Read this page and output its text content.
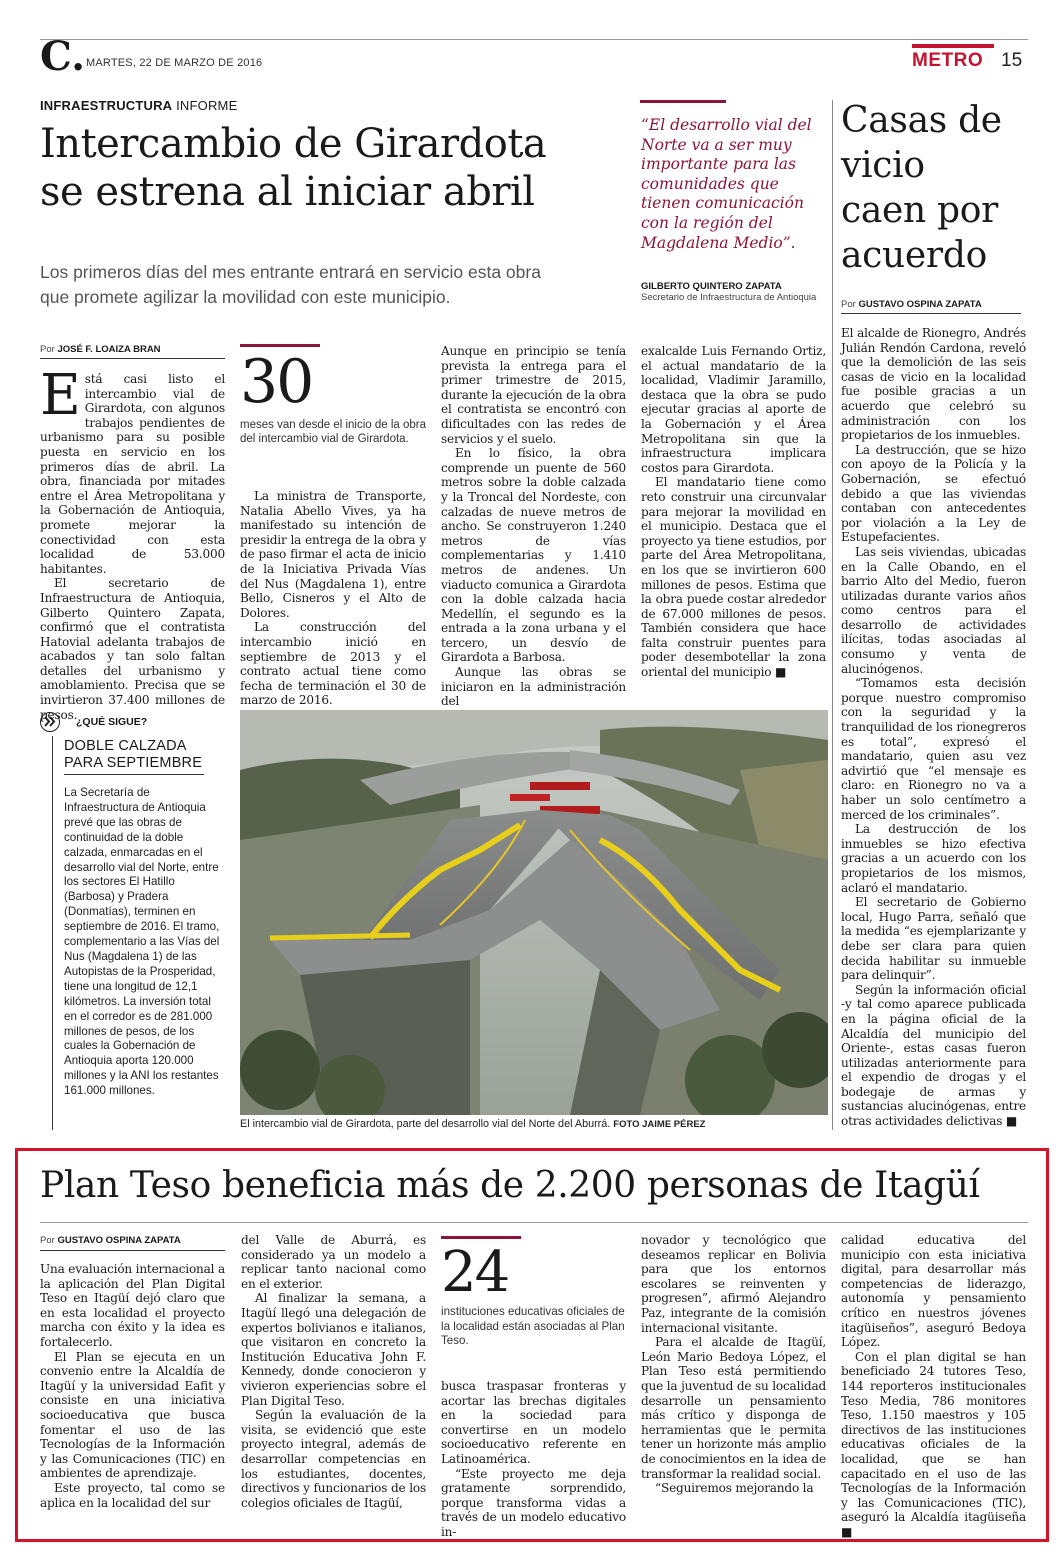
C. MARTES, 22 DE MARZO DE 2016	METRO 15
INFRAESTRUCTURA INFORME
Intercambio de Girardota
se estrena al iniciar abril
Los primeros días del mes entrante entrará en servicio esta obra
que promete agilizar la movilidad con este municipio.
“El desarrollo vial del Norte va a ser muy importante para las comunidades que tienen comunicación con la región del Magdalena Medio”.
GILBERTO QUINTERO ZAPATA
Secretario de Infraestructura de Antioquia
Por JOSÉ F. LOAIZA BRAN

Está casi listo el intercambio vial de Girardota, con algunos trabajos pendientes de urbanismo para su posible puesta en servicio en los primeros días de abril. La obra, financiada por mitades entre el Área Metropolitana y la Gobernación de Antioquia, promete mejorar la conectividad con esta localidad de 53.000 habitantes.

El secretario de Infraestructura de Antioquia, Gilberto Quintero Zapata, confirmó que el contratista Hatovial adelanta trabajos de acabados y tan solo faltan detalles del urbanismo y amoblamiento. Precisa que se invirtieron 37.400 millones de pesos.

30
meses van desde el inicio de la obra del intercambio vial de Girardota.

La ministra de Transporte, Natalia Abello Vives, ya ha manifestado su intención de presidir la entrega de la obra y de paso firmar el acta de inicio de la Iniciativa Privada Vías del Nus (Magdalena 1), entre Bello, Cisneros y el Alto de Dolores.

La construcción del intercambio inició en septiembre de 2013 y el contrato actual tiene como fecha de terminación el 30 de marzo de 2016.

Aunque en principio se tenía prevista la entrega para el primer trimestre de 2015, durante la ejecución de la obra el contratista se encontró con dificultades con las redes de servicios y el suelo.

En lo físico, la obra comprende un puente de 560 metros sobre la doble calzada y la Troncal del Nordeste, con calzadas de nueve metros de ancho. Se construyeron 1.240 metros de vías complementarias y 1.410 metros de andenes. Un viaducto comunica a Girardota con la doble calzada hacia Medellín, el segundo es la entrada a la zona urbana y el tercero, un desvío de Girardota a Barbosa.

Aunque las obras se iniciaron en la administración del

exalcalde Luis Fernando Ortiz, el actual mandatario de la localidad, Vladimir Jaramillo, destaca que la obra se pudo ejecutar gracias al aporte de la Gobernación y el Área Metropolitana sin que la infraestructura implicara costos para Girardota.

El mandatario tiene como reto construir una circunvalar para mejorar la movilidad en el municipio. Destaca que el proyecto ya tiene estudios, por parte del Área Metropolitana, en los que se invirtieron 600 millones de pesos. Estima que la obra puede costar alrededor de 67.000 millones de pesos. También considera que hace falta construir puentes para poder desembotellar la zona oriental del municipio ■

¿QUÉ SIGUE?
DOBLE CALZADA
PARA SEPTIEMBRE
La Secretaría de Infraestructura de Antioquia prevé que las obras de continuidad de la doble calzada, enmarcadas en el desarrollo vial del Norte, entre los sectores El Hatillo (Barbosa) y Pradera (Donmatías), terminen en septiembre de 2016. El tramo, complementario a las Vías del Nus (Magdalena 1) de las Autopistas de la Prosperidad, tiene una longitud de 12,1 kilómetros. La inversión total en el corredor es de 281.000 millones de pesos, de los cuales la Gobernación de Antioquia aporta 120.000 millones y la ANI los restantes 161.000 millones.
El intercambio vial de Girardota, parte del desarrollo vial del Norte del Aburrá. FOTO JAIME PÉREZ
Casas de
vicio
caen por
acuerdo
Por GUSTAVO OSPINA ZAPATA

El alcalde de Rionegro, Andrés Julián Rendón Cardona, reveló que la demolición de las seis casas de vicio en la localidad fue posible gracias a un acuerdo que celebró su administración con los propietarios de los inmuebles.

La destrucción, que se hizo con apoyo de la Policía y la Gobernación, se efectuó debido a que las viviendas contaban con antecedentes por violación a la Ley de Estupefacientes.

Las seis viviendas, ubicadas en la Calle Obando, en el barrio Alto del Medio, fueron utilizadas durante varios años como centros para el desarrollo de actividades ilícitas, todas asociadas al consumo y venta de alucinógenos.

“Tomamos esta decisión porque nuestro compromiso con la seguridad y la tranquilidad de los rionegreros es total”, expresó el mandatario, quien asu vez advirtió que “el mensaje es claro: en Rionegro no va a haber un solo centímetro a merced de los criminales”.

La destrucción de los inmuebles se hizo efectiva gracias a un acuerdo con los propietarios de los mismos, aclaró el mandatario.

El secretario de Gobierno local, Hugo Parra, señaló que la medida “es ejemplarizante y debe ser clara para quien decida habilitar su inmueble para delinquir”.

Según la información oficial -y tal como aparece publicada en la página oficial de la Alcaldía del municipio del Oriente-, estas casas fueron utilizadas anteriormente para el expendio de drogas y el bodegaje de armas y sustancias alucinógenas, entre otras actividades delictivas ■

Plan Teso beneficia más de 2.200 personas de Itagüí
Por GUSTAVO OSPINA ZAPATA

Una evaluación internacional a la aplicación del Plan Digital Teso en Itagüí dejó claro que en esta localidad el proyecto marcha con éxito y la idea es fortalecerlo.

El Plan se ejecuta en un convenio entre la Alcaldía de Itagüí y la universidad Eafit y consiste en una iniciativa socioeducativa que busca fomentar el uso de las Tecnologías de la Información y las Comunicaciones (TIC) en ambientes de aprendizaje.

Este proyecto, tal como se aplica en la localidad del sur

del Valle de Aburrá, es considerado ya un modelo a replicar tanto nacional como en el exterior.

Al finalizar la semana, a Itagüí llegó una delegación de expertos bolivianos e italianos, que visitaron en concreto la Institución Educativa John F. Kennedy, donde conocieron y vivieron experiencias sobre el Plan Digital Teso.

Según la evaluación de la visita, se evidenció que este proyecto integral, además de desarrollar competencias en los estudiantes, docentes, directivos y funcionarios de los colegios oficiales de Itagüí,

24
instituciones educativas oficiales de la localidad están asociadas al Plan Teso.

busca traspasar fronteras y acortar las brechas digitales en la sociedad para convertirse en un modelo socioeducativo referente en Latinoamérica.

“Este proyecto me deja gratamente sorprendido, porque transforma vidas a través de un modelo educativo in-

novador y tecnológico que deseamos replicar en Bolivia para que los entornos escolares se reinventen y progresen”, afirmó Alejandro Paz, integrante de la comisión internacional visitante.

Para el alcalde de Itagüí, León Mario Bedoya López, el Plan Teso está permitiendo que la juventud de su localidad desarrolle un pensamiento más crítico y disponga de herramientas que le permita tener un horizonte más amplio de conocimientos en la idea de transformar la realidad social.

“Seguiremos mejorando la

calidad educativa del municipio con esta iniciativa digital, para desarrollar más competencias de liderazgo, autonomía y pensamiento crítico en nuestros jóvenes itagüiseños”, aseguró Bedoya López.

Con el plan digital se han beneficiado 24 tutores Teso, 144 reporteros institucionales Teso Media, 786 monitores Teso, 1.150 maestros y 105 directivos de las instituciones educativas oficiales de la localidad, que se han capacitado en el uso de las Tecnologías de la Información y las Comunicaciones (TIC), aseguró la Alcaldía itagüiseña ■
